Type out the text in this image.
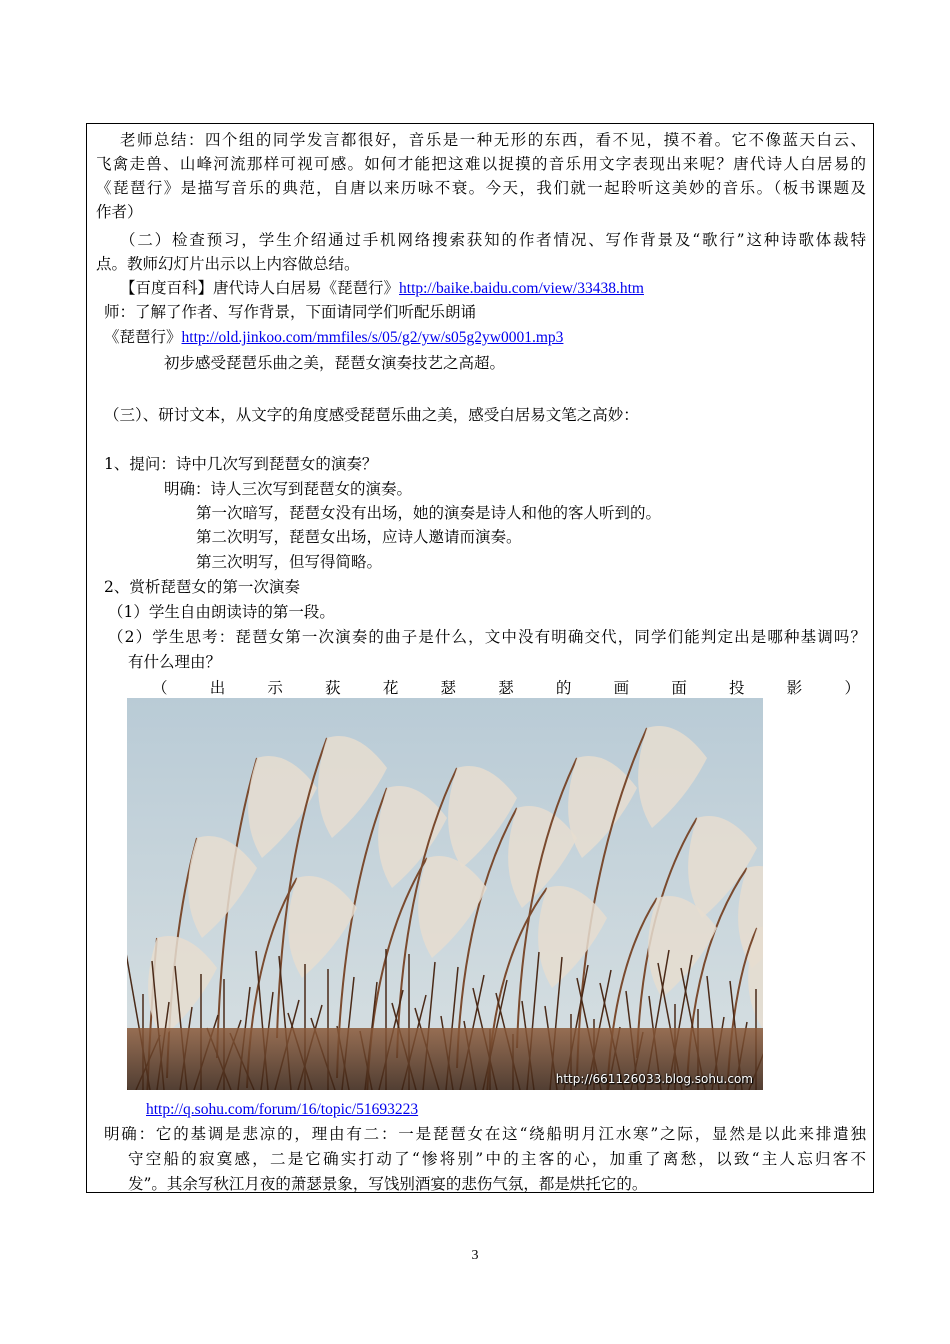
老师总结：四个组的同学发言都很好，音乐是一种无形的东西，看不见，摸不着。它不像蓝天白云、
飞禽走兽、山峰河流那样可视可感。如何才能把这难以捉摸的音乐用文字表现出来呢？唐代诗人白居易的
《琵琶行》是描写音乐的典范，自唐以来历咏不衰。今天，我们就一起聆听这美妙的音乐。（板书课题及
作者）
（二）检查预习，学生介绍通过手机网络搜索获知的作者情况、写作背景及“歌行”这种诗歌体裁特
点。教师幻灯片出示以上内容做总结。
【百度百科】唐代诗人白居易《琵琶行》http://baike.baidu.com/view/33438.htm
师：了解了作者、写作背景，下面请同学们听配乐朗诵
《琵琶行》http://old.jinkoo.com/mmfiles/s/05/g2/yw/s05g2yw0001.mp3
初步感受琵琶乐曲之美，琵琶女演奏技艺之高超。
（三）、研讨文本，从文字的角度感受琵琶乐曲之美，感受白居易文笔之高妙：
1、提问：诗中几次写到琵琶女的演奏？
明确：诗人三次写到琵琶女的演奏。
第一次暗写，琵琶女没有出场，她的演奏是诗人和他的客人听到的。
第二次明写，琵琶女出场，应诗人邀请而演奏。
第三次明写，但写得简略。
2、赏析琵琶女的第一次演奏
（1）学生自由朗读诗的第一段。
（2）学生思考：琵琶女第一次演奏的曲子是什么，文中没有明确交代，同学们能判定出是哪种基调吗？
有什么理由？
（	出	示	荻	花	瑟	瑟	的	画	面	投	影	）
http://661126033.blog.sohu.com
http://q.sohu.com/forum/16/topic/51693223
明确：它的基调是悲凉的，理由有二：一是琵琶女在这“绕船明月江水寒”之际，显然是以此来排遣独
守空船的寂寞感，二是它确实打动了“惨将别”中的主客的心，加重了离愁，以致“主人忘归客不
发”。其余写秋江月夜的萧瑟景象，写饯别酒宴的悲伤气氛，都是烘托它的。
3
